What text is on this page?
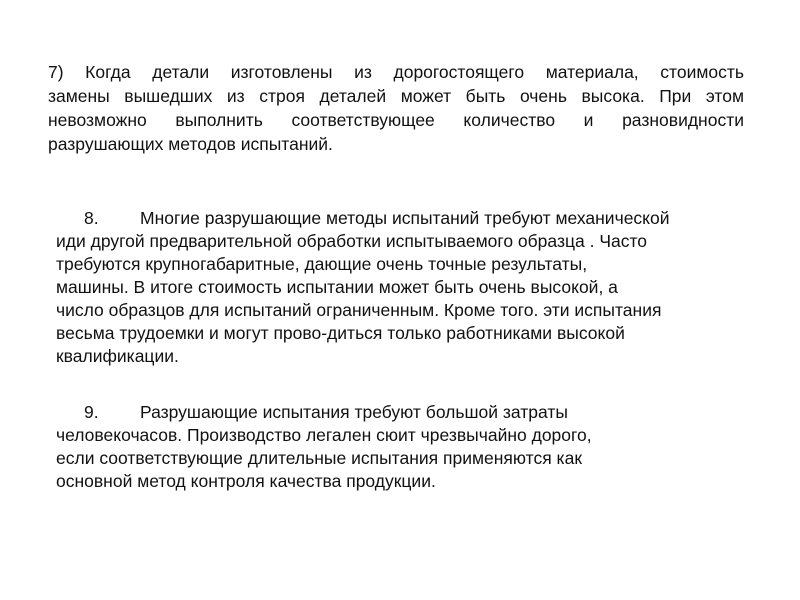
7) Когда детали изготовлены из дорогостоящего материала, стоимость
замены вышедших из строя деталей может быть очень высока. При этом
невозможно выполнить соответствующее количество и разновидности
разрушающих методов испытаний.
8. Многие разрушающие методы испытаний требуют механической
иди другой предварительной обработки испытываемого образца . Часто
требуются крупногабаритные, дающие очень точные результаты,
машины. В итоге стоимость испытании может быть очень высокой, а
число образцов для испытаний ограниченным. Кроме того. эти испытания
весьма трудоемки и могут прово-диться только работниками высокой
квалификации.
9. Разрушающие испытания требуют большой затраты
человекочасов. Производство легален сюит чрезвычайно дорого,
если соответствующие длительные испытания применяются как
основной метод контроля качества продукции.
